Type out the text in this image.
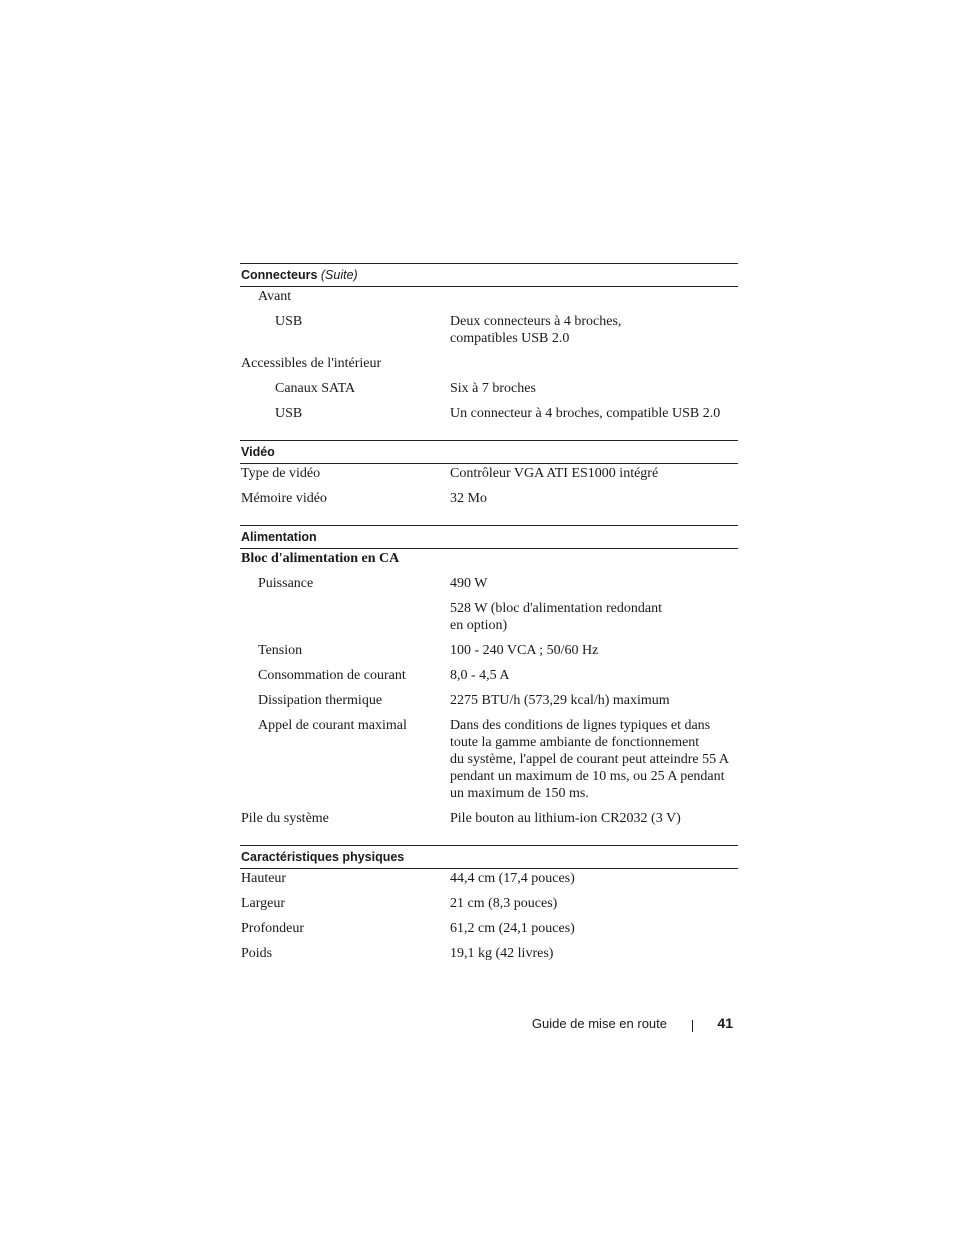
Connecteurs (Suite)
Avant
USB	Deux connecteurs à 4 broches,
compatibles USB 2.0
Accessibles de l'intérieur
Canaux SATA	Six à 7 broches
USB	Un connecteur à 4 broches, compatible USB 2.0
Vidéo
Type de vidéo	Contrôleur VGA ATI ES1000 intégré
Mémoire vidéo	32 Mo
Alimentation
Bloc d'alimentation en CA
Puissance	490 W
528 W (bloc d'alimentation redondant
en option)
Tension	100 - 240 VCA ; 50/60 Hz
Consommation de courant	8,0 - 4,5 A
Dissipation thermique	2275 BTU/h (573,29 kcal/h) maximum
Appel de courant maximal	Dans des conditions de lignes typiques et dans
toute la gamme ambiante de fonctionnement
du système, l'appel de courant peut atteindre 55 A
pendant un maximum de 10 ms, ou 25 A pendant
un maximum de 150 ms.
Pile du système	Pile bouton au lithium-ion CR2032 (3 V)
Caractéristiques physiques
Hauteur	44,4 cm (17,4 pouces)
Largeur	21 cm (8,3 pouces)
Profondeur	61,2 cm (24,1 pouces)
Poids	19,1 kg (42 livres)
Guide de mise en route	41
